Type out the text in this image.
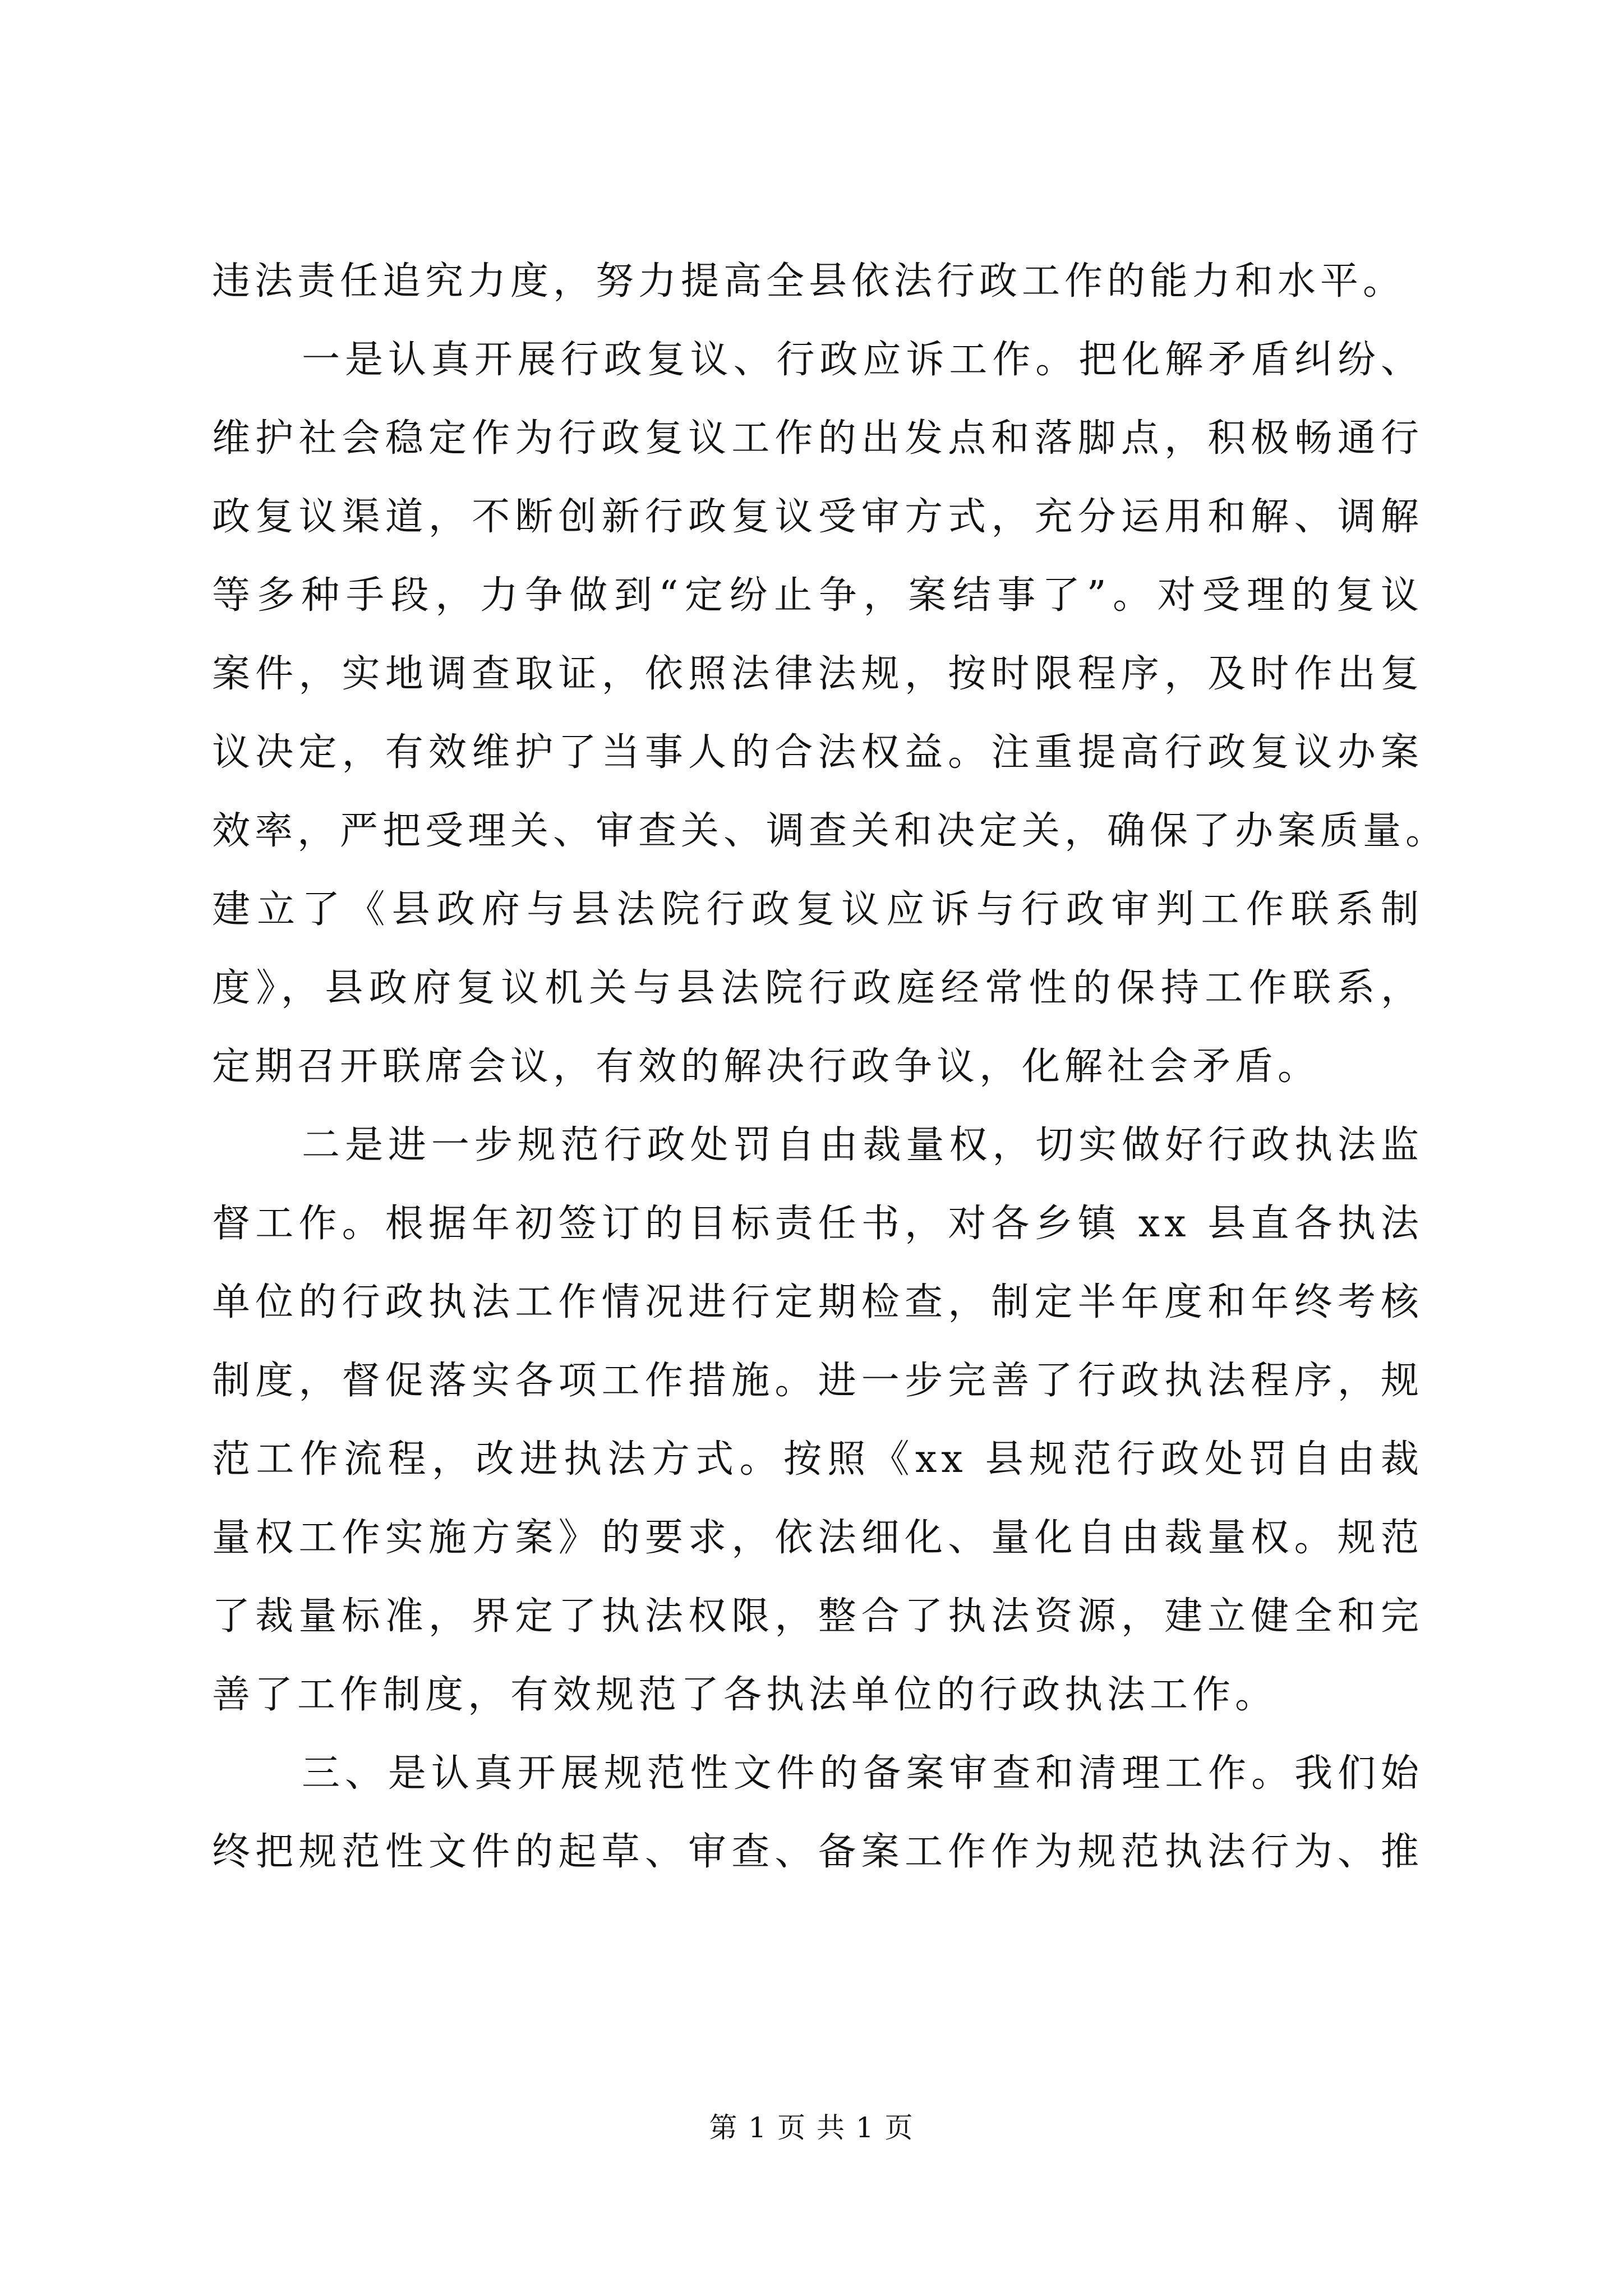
违法责任追究力度，努力提高全县依法行政工作的能力和水平。
一是认真开展行政复议、行政应诉工作。把化解矛盾纠纷、
维护社会稳定作为行政复议工作的出发点和落脚点，积极畅通行
政复议渠道，不断创新行政复议受审方式，充分运用和解、调解
等多种手段，力争做到“定纷止争，案结事了”。对受理的复议
案件，实地调查取证，依照法律法规，按时限程序，及时作出复
议决定，有效维护了当事人的合法权益。注重提高行政复议办案
效率，严把受理关、审查关、调查关和决定关，确保了办案质量。
建立了《县政府与县法院行政复议应诉与行政审判工作联系制
度》，县政府复议机关与县法院行政庭经常性的保持工作联系，
定期召开联席会议，有效的解决行政争议，化解社会矛盾。
二是进一步规范行政处罚自由裁量权，切实做好行政执法监
督工作。根据年初签订的目标责任书，对各乡镇 xx 县直各执法
单位的行政执法工作情况进行定期检查，制定半年度和年终考核
制度，督促落实各项工作措施。进一步完善了行政执法程序，规
范工作流程，改进执法方式。按照《xx 县规范行政处罚自由裁
量权工作实施方案》的要求，依法细化、量化自由裁量权。规范
了裁量标准，界定了执法权限，整合了执法资源，建立健全和完
善了工作制度，有效规范了各执法单位的行政执法工作。
三、是认真开展规范性文件的备案审查和清理工作。我们始
终把规范性文件的起草、审查、备案工作作为规范执法行为、推
第 1 页 共 1 页
